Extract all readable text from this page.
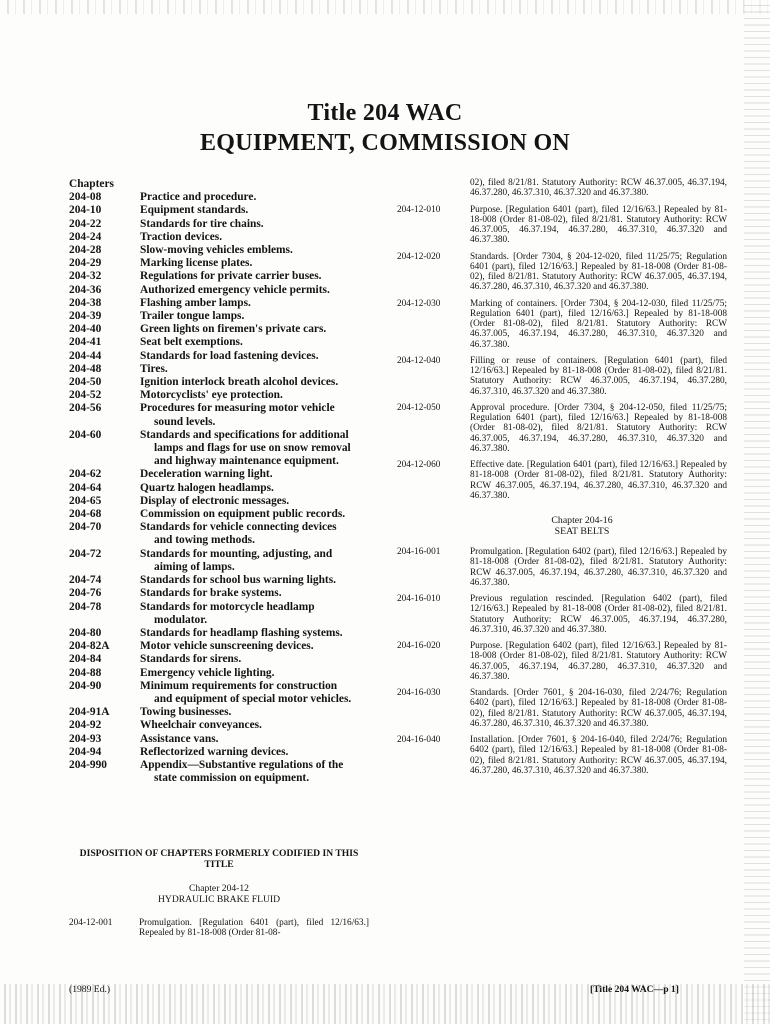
Title 204 WAC
EQUIPMENT, COMMISSION ON
Chapters
204-08	Practice and procedure.
204-10	Equipment standards.
204-22	Standards for tire chains.
204-24	Traction devices.
204-28	Slow-moving vehicles emblems.
204-29	Marking license plates.
204-32	Regulations for private carrier buses.
204-36	Authorized emergency vehicle permits.
204-38	Flashing amber lamps.
204-39	Trailer tongue lamps.
204-40	Green lights on firemen's private cars.
204-41	Seat belt exemptions.
204-44	Standards for load fastening devices.
204-48	Tires.
204-50	Ignition interlock breath alcohol devices.
204-52	Motorcyclists' eye protection.
204-56	Procedures for measuring motor vehicle
sound levels.
204-60	Standards and specifications for additional
lamps and flags for use on snow removal
and highway maintenance equipment.
204-62	Deceleration warning light.
204-64	Quartz halogen headlamps.
204-65	Display of electronic messages.
204-68	Commission on equipment public records.
204-70	Standards for vehicle connecting devices
and towing methods.
204-72	Standards for mounting, adjusting, and
aiming of lamps.
204-74	Standards for school bus warning lights.
204-76	Standards for brake systems.
204-78	Standards for motorcycle headlamp
modulator.
204-80	Standards for headlamp flashing systems.
204-82A	Motor vehicle sunscreening devices.
204-84	Standards for sirens.
204-88	Emergency vehicle lighting.
204-90	Minimum requirements for construction
and equipment of special motor vehicles.
204-91A	Towing businesses.
204-92	Wheelchair conveyances.
204-93	Assistance vans.
204-94	Reflectorized warning devices.
204-990	Appendix—Substantive regulations of the
state commission on equipment.
DISPOSITION OF CHAPTERS FORMERLY CODIFIED IN THIS
TITLE
Chapter 204-12
HYDRAULIC BRAKE FLUID
204-12-001	Promulgation. [Regulation 6401 (part), filed 12/16/63.] Repealed by 81-18-008 (Order 81-08-
02), filed 8/21/81. Statutory Authority: RCW 46.37.005, 46.37.194, 46.37.280, 46.37.310, 46.37.320 and 46.37.380.
204-12-010	Purpose. [Regulation 6401 (part), filed 12/16/63.] Repealed by 81-18-008 (Order 81-08-02), filed 8/21/81. Statutory Authority: RCW 46.37.005, 46.37.194, 46.37.280, 46.37.310, 46.37.320 and 46.37.380.
204-12-020	Standards. [Order 7304, § 204-12-020, filed 11/25/75; Regulation 6401 (part), filed 12/16/63.] Repealed by 81-18-008 (Order 81-08-02), filed 8/21/81. Statutory Authority: RCW 46.37.005, 46.37.194, 46.37.280, 46.37.310, 46.37.320 and 46.37.380.
204-12-030	Marking of containers. [Order 7304, § 204-12-030, filed 11/25/75; Regulation 6401 (part), filed 12/16/63.] Repealed by 81-18-008 (Order 81-08-02), filed 8/21/81. Statutory Authority: RCW 46.37.005, 46.37.194, 46.37.280, 46.37.310, 46.37.320 and 46.37.380.
204-12-040	Filling or reuse of containers. [Regulation 6401 (part), filed 12/16/63.] Repealed by 81-18-008 (Order 81-08-02), filed 8/21/81. Statutory Authority: RCW 46.37.005, 46.37.194, 46.37.280, 46.37.310, 46.37.320 and 46.37.380.
204-12-050	Approval procedure. [Order 7304, § 204-12-050, filed 11/25/75; Regulation 6401 (part), filed 12/16/63.] Repealed by 81-18-008 (Order 81-08-02), filed 8/21/81. Statutory Authority: RCW 46.37.005, 46.37.194, 46.37.280, 46.37.310, 46.37.320 and 46.37.380.
204-12-060	Effective date. [Regulation 6401 (part), filed 12/16/63.] Repealed by 81-18-008 (Order 81-08-02), filed 8/21/81. Statutory Authority: RCW 46.37.005, 46.37.194, 46.37.280, 46.37.310, 46.37.320 and 46.37.380.
Chapter 204-16
SEAT BELTS
204-16-001	Promulgation. [Regulation 6402 (part), filed 12/16/63.] Repealed by 81-18-008 (Order 81-08-02), filed 8/21/81. Statutory Authority: RCW 46.37.005, 46.37.194, 46.37.280, 46.37.310, 46.37.320 and 46.37.380.
204-16-010	Previous regulation rescinded. [Regulation 6402 (part), filed 12/16/63.] Repealed by 81-18-008 (Order 81-08-02), filed 8/21/81. Statutory Authority: RCW 46.37.005, 46.37.194, 46.37.280, 46.37.310, 46.37.320 and 46.37.380.
204-16-020	Purpose. [Regulation 6402 (part), filed 12/16/63.] Repealed by 81-18-008 (Order 81-08-02), filed 8/21/81. Statutory Authority: RCW 46.37.005, 46.37.194, 46.37.280, 46.37.310, 46.37.320 and 46.37.380.
204-16-030	Standards. [Order 7601, § 204-16-030, filed 2/24/76; Regulation 6402 (part), filed 12/16/63.] Repealed by 81-18-008 (Order 81-08-02), filed 8/21/81. Statutory Authority: RCW 46.37.005, 46.37.194, 46.37.280, 46.37.310, 46.37.320 and 46.37.380.
204-16-040	Installation. [Order 7601, § 204-16-040, filed 2/24/76; Regulation 6402 (part), filed 12/16/63.] Repealed by 81-18-008 (Order 81-08-02), filed 8/21/81. Statutory Authority: RCW 46.37.005, 46.37.194, 46.37.280, 46.37.310, 46.37.320 and 46.37.380.
(1989 Ed.)	[Title 204 WAC—p 1]
